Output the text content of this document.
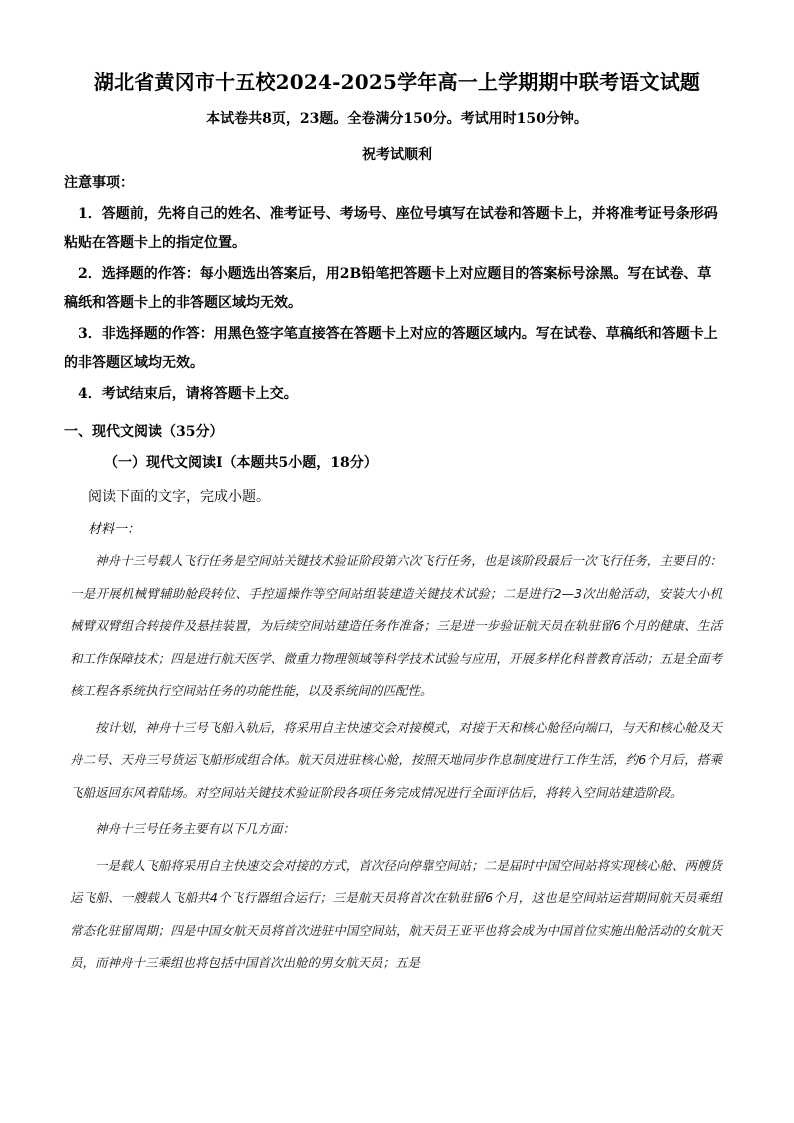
湖北省黄冈市十五校2024-2025学年高一上学期期中联考语文试题
本试卷共8页，23题。全卷满分150分。考试用时150分钟。
祝考试顺利
注意事项：

1．答题前，先将自己的姓名、准考证号、考场号、座位号填写在试卷和答题卡上，并将准考证号条形码粘贴在答题卡上的指定位置。

2．选择题的作答：每小题选出答案后，用2B铅笔把答题卡上对应题目的答案标号涂黑。写在试卷、草稿纸和答题卡上的非答题区域均无效。

3．非选择题的作答：用黑色签字笔直接答在答题卡上对应的答题区域内。写在试卷、草稿纸和答题卡上的非答题区域均无效。

4．考试结束后，请将答题卡上交。

一、现代文阅读（35分）
（一）现代文阅读Ⅰ（本题共5小题，18分）
阅读下面的文字，完成小题。
材料一：

神舟十三号载人飞行任务是空间站关键技术验证阶段第六次飞行任务，也是该阶段最后一次飞行任务，主要目的：一是开展机械臂辅助舱段转位、手控遥操作等空间站组装建造关键技术试验；二是进行2—3次出舱活动，安装大小机械臂双臂组合转接件及悬挂装置，为后续空间站建造任务作准备；三是进一步验证航天员在轨驻留6个月的健康、生活和工作保障技术；四是进行航天医学、微重力物理领域等科学技术试验与应用，开展多样化科普教育活动；五是全面考核工程各系统执行空间站任务的功能性能，以及系统间的匹配性。

按计划，神舟十三号飞船入轨后，将采用自主快速交会对接模式，对接于天和核心舱径向端口，与天和核心舱及天舟二号、天舟三号货运飞船形成组合体。航天员进驻核心舱，按照天地同步作息制度进行工作生活，约6个月后，搭乘飞船返回东风着陆场。对空间站关键技术验证阶段各项任务完成情况进行全面评估后，将转入空间站建造阶段。

神舟十三号任务主要有以下几方面：

一是载人飞船将采用自主快速交会对接的方式，首次径向停靠空间站；二是届时中国空间站将实现核心舱、两艘货运飞船、一艘载人飞船共4个飞行器组合运行；三是航天员将首次在轨驻留6个月，这也是空间站运营期间航天员乘组常态化驻留周期；四是中国女航天员将首次进驻中国空间站，航天员王亚平也将会成为中国首位实施出舱活动的女航天员，而神舟十三乘组也将包括中国首次出舱的男女航天员；五是
